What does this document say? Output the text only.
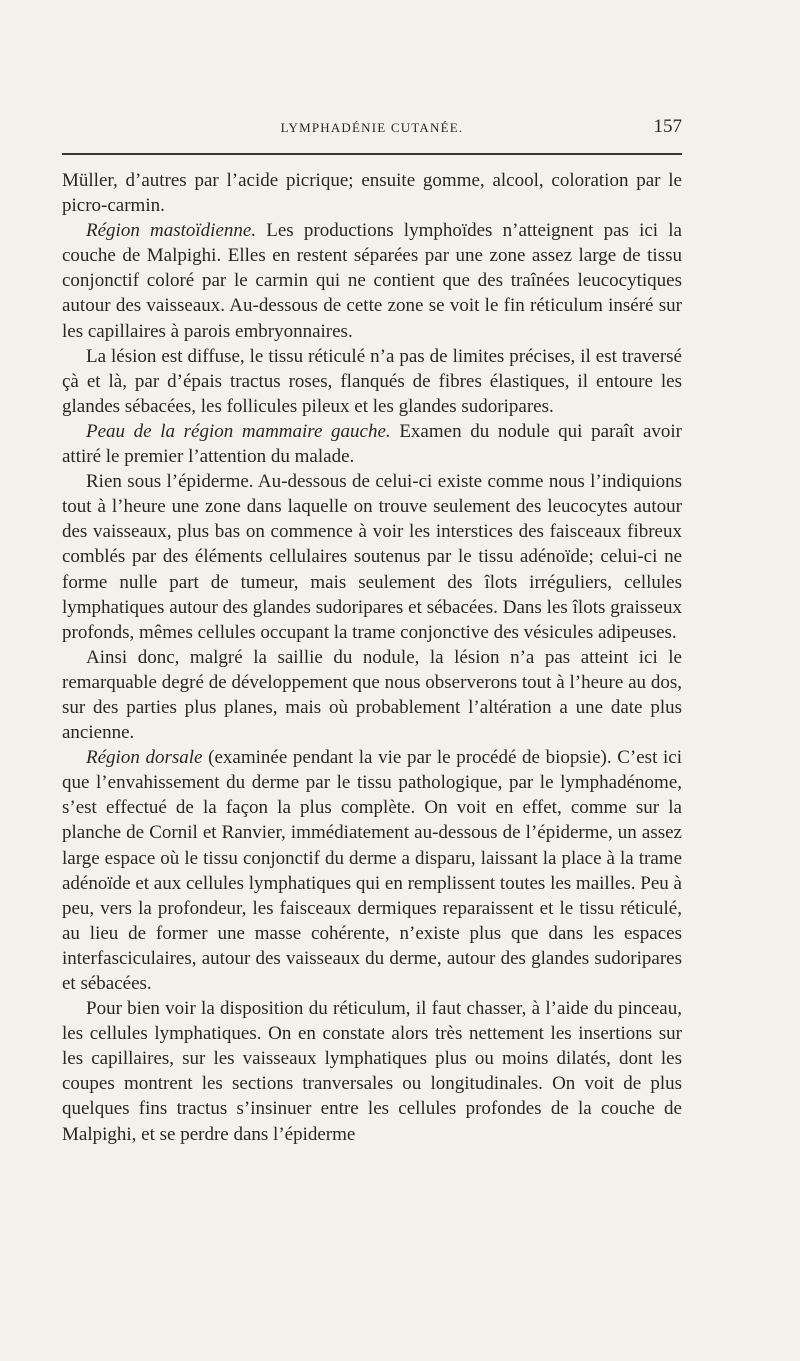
LYMPHADÉNIE CUTANÉE.	157

Müller, d’autres par l’acide picrique; ensuite gomme, alcool, coloration par le picro-carmin.

Région mastoïdienne. Les productions lymphoïdes n’atteignent pas ici la couche de Malpighi. Elles en restent séparées par une zone assez large de tissu conjonctif coloré par le carmin qui ne contient que des traînées leucocytiques autour des vaisseaux. Au-dessous de cette zone se voit le fin réticulum inséré sur les capillaires à parois embryonnaires.

La lésion est diffuse, le tissu réticulé n’a pas de limites précises, il est traversé çà et là, par d’épais tractus roses, flanqués de fibres élastiques, il entoure les glandes sébacées, les follicules pileux et les glandes sudoripares.

Peau de la région mammaire gauche. Examen du nodule qui paraît avoir attiré le premier l’attention du malade.

Rien sous l’épiderme. Au-dessous de celui-ci existe comme nous l’indiquions tout à l’heure une zone dans laquelle on trouve seulement des leucocytes autour des vaisseaux, plus bas on commence à voir les interstices des faisceaux fibreux comblés par des éléments cellulaires soutenus par le tissu adénoïde; celui-ci ne forme nulle part de tumeur, mais seulement des îlots irréguliers, cellules lymphatiques autour des glandes sudoripares et sébacées. Dans les îlots graisseux profonds, mêmes cellules occupant la trame conjonctive des vésicules adipeuses.

Ainsi donc, malgré la saillie du nodule, la lésion n’a pas atteint ici le remarquable degré de développement que nous observerons tout à l’heure au dos, sur des parties plus planes, mais où probablement l’altération a une date plus ancienne.

Région dorsale (examinée pendant la vie par le procédé de biopsie). C’est ici que l’envahissement du derme par le tissu pathologique, par le lymphadénome, s’est effectué de la façon la plus complète. On voit en effet, comme sur la planche de Cornil et Ranvier, immédiatement au-dessous de l’épiderme, un assez large espace où le tissu conjonctif du derme a disparu, laissant la place à la trame adénoïde et aux cellules lymphatiques qui en remplissent toutes les mailles. Peu à peu, vers la profondeur, les faisceaux dermiques reparaissent et le tissu réticulé, au lieu de former une masse cohérente, n’existe plus que dans les espaces interfasciculaires, autour des vaisseaux du derme, autour des glandes sudoripares et sébacées.

Pour bien voir la disposition du réticulum, il faut chasser, à l’aide du pinceau, les cellules lymphatiques. On en constate alors très nettement les insertions sur les capillaires, sur les vaisseaux lymphatiques plus ou moins dilatés, dont les coupes montrent les sections tranversales ou longitudinales. On voit de plus quelques fins tractus s’insinuer entre les cellules profondes de la couche de Malpighi, et se perdre dans l’épiderme
